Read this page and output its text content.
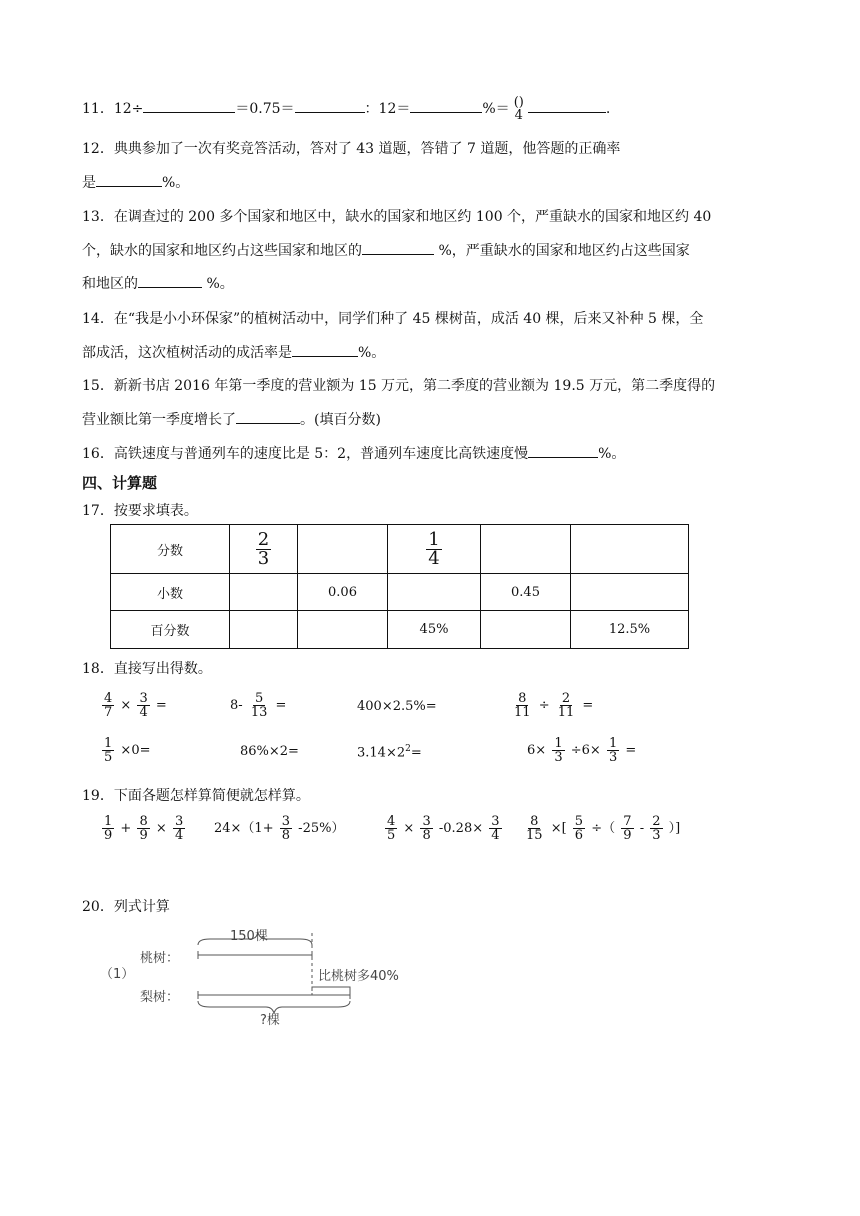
11．12÷	＝0.75＝	：12＝	%＝ ()
4	.
12．典典参加了一次有奖竞答活动，答对了 43 道题，答错了 7 道题，他答题的正确率
是	%。
13．在调查过的 200 多个国家和地区中，缺水的国家和地区约 100 个，严重缺水的国家和地区约 40
个，缺水的国家和地区约占这些国家和地区的	%，严重缺水的国家和地区约占这些国家
和地区的	%。
14．在“我是小小环保家”的植树活动中，同学们种了 45 棵树苗，成活 40 棵，后来又补种 5 棵，全
部成活，这次植树活动的成活率是	%。
15．新新书店 2016 年第一季度的营业额为 15 万元，第二季度的营业额为 19.5 万元，第二季度得的
营业额比第一季度增长了	。(填百分数)
16．高铁速度与普通列车的速度比是 5：2，普通列车速度比高铁速度慢	%。
四、计算题
17．按要求填表。
分数	$\frac{2}{3}$		$\frac{1}{4}$

小数		0.06		0.45	
百分数			45%		12.5%
18．直接写出得数。
$\frac{4}{7} \times \frac{3}{4}$ =	$8- \frac{5}{13}$ =	400×2.5%=	$\frac{8}{11} \div \frac{2}{11}$ =
$\frac{1}{5} \times 0=$	86%×2=	$3.14\times 2^2=$	$6\times \frac{1}{3} \div 6\times \frac{1}{3}$ =
19．下面各题怎样算简便就怎样算。
$\frac{1}{9} + \frac{8}{9} \times \frac{3}{4} 24\times(1+ \frac{3}{8} -25\%)$	$\frac{4}{5} \times \frac{3}{8} -0.28\times \frac{3}{4} \frac{8}{15}$ ×[ $\frac{5}{6}$ ÷（ $\frac{7}{9} - \frac{2}{3}$ ）]
20．列式计算
（1）
桃树：
梨树：
150棵
比桃树多40%
?棵
